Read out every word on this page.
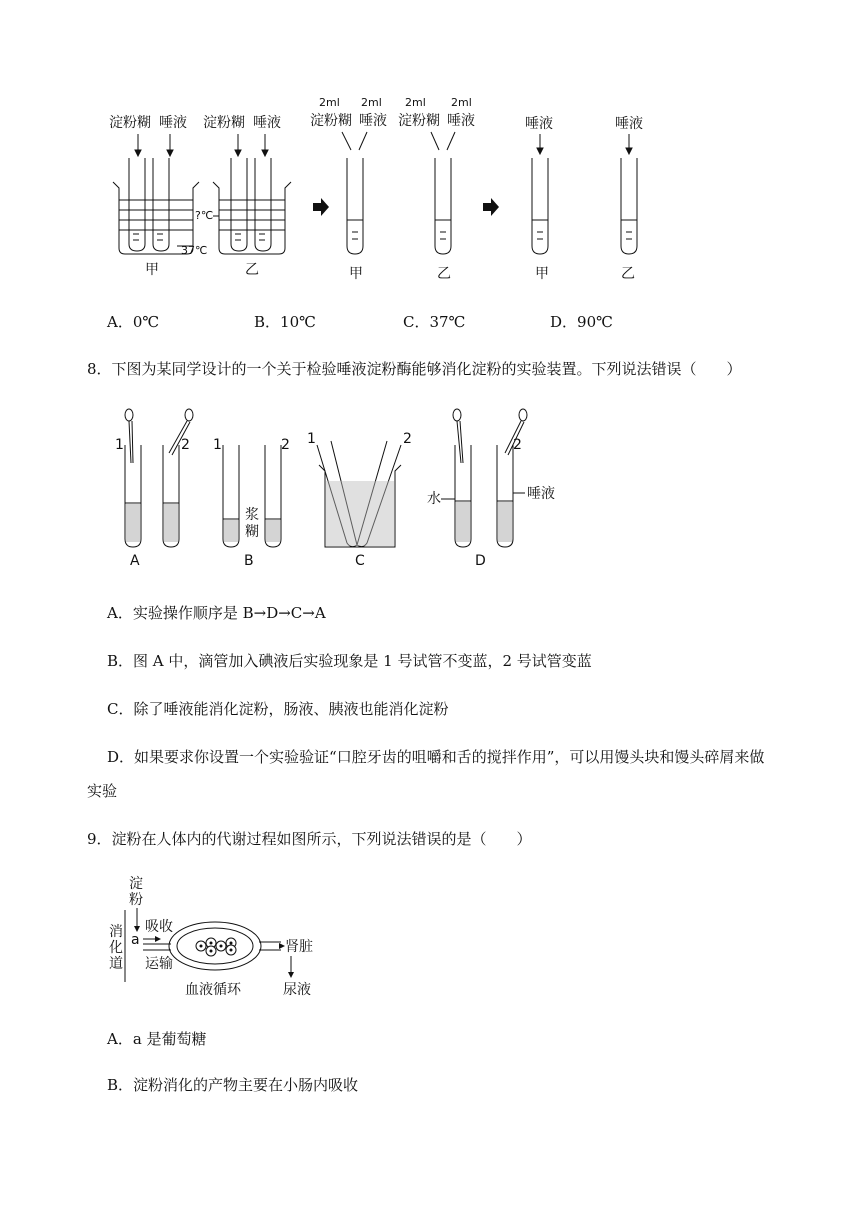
淀粉糊 唾液 淀粉糊 唾液
37℃
甲
?℃
乙
2ml 2ml 2ml 2ml
淀粉糊 唾液 淀粉糊 唾液
甲	乙
唾液	唾液
甲	乙
A．0℃	B．10℃	C．37℃	D．90℃
8．下图为某同学设计的一个关于检验唾液淀粉酶能够消化淀粉的实验装置。下列说法错误（　　）
1	2
A
1	2
浆
糊
B
1	2
C
2
水	唾液
D
A．实验操作顺序是 B→D→C→A
B．图 A 中，滴管加入碘液后实验现象是 1 号试管不变蓝，2 号试管变蓝
C．除了唾液能消化淀粉，肠液、胰液也能消化淀粉
D．如果要求你设置一个实验验证“口腔牙齿的咀嚼和舌的搅拌作用”，可以用馒头块和馒头碎屑来做
实验
9．淀粉在人体内的代谢过程如图所示，下列说法错误的是（　　）
淀
粉
消
化
道
a
吸收
运输
肾脏
尿液
血液循环
A．a 是葡萄糖
B．淀粉消化的产物主要在小肠内吸收
